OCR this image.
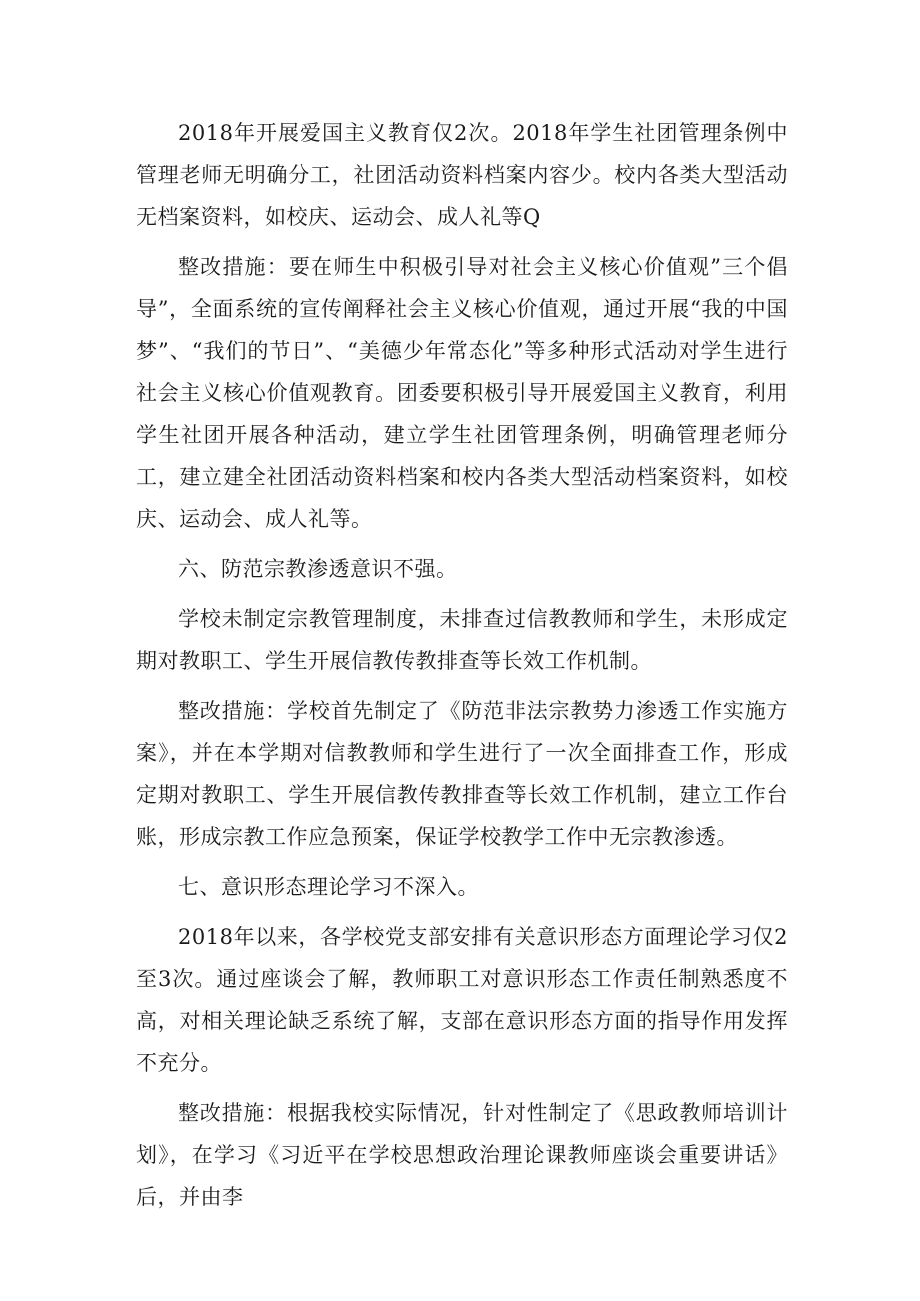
2018年开展爱国主义教育仅2次。2018年学生社团管理条例中管理老师无明确分工，社团活动资料档案内容少。校内各类大型活动无档案资料，如校庆、运动会、成人礼等Q

整改措施：要在师生中积极引导对社会主义核心价值观”三个倡导”，全面系统的宣传阐释社会主义核心价值观，通过开展“我的中国梦”、“我们的节日”、“美德少年常态化”等多种形式活动对学生进行社会主义核心价值观教育。团委要积极引导开展爱国主义教育，利用学生社团开展各种活动，建立学生社团管理条例，明确管理老师分工，建立建全社团活动资料档案和校内各类大型活动档案资料，如校庆、运动会、成人礼等。

六、防范宗教渗透意识不强。

学校未制定宗教管理制度，未排查过信教教师和学生，未形成定期对教职工、学生开展信教传教排查等长效工作机制。

整改措施：学校首先制定了《防范非法宗教势力渗透工作实施方案》，并在本学期对信教教师和学生进行了一次全面排查工作，形成定期对教职工、学生开展信教传教排查等长效工作机制，建立工作台账，形成宗教工作应急预案，保证学校教学工作中无宗教渗透。

七、意识形态理论学习不深入。

2018年以来，各学校党支部安排有关意识形态方面理论学习仅2至3次。通过座谈会了解，教师职工对意识形态工作责任制熟悉度不高，对相关理论缺乏系统了解，支部在意识形态方面的指导作用发挥不充分。

整改措施：根据我校实际情况，针对性制定了《思政教师培训计划》，在学习《习近平在学校思想政治理论课教师座谈会重要讲话》后，并由李
